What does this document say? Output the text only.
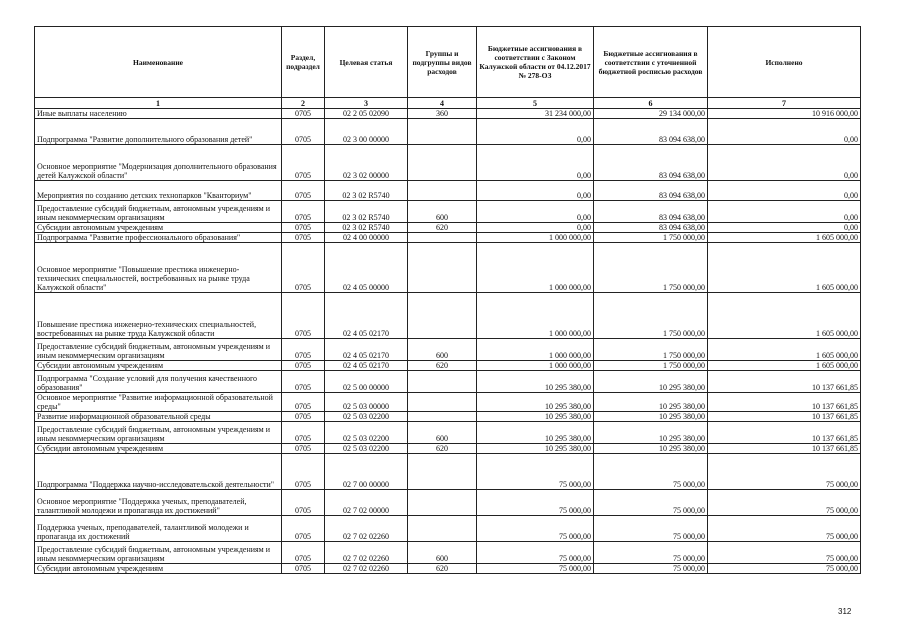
Наименование	Раздел, подраздел	Целевая статья	Группы и подгруппы видов расходов	Бюджетные ассигнования в соответствии с Законом Калужской области от 04.12.2017 № 278-ОЗ	Бюджетные ассигнования в соответствии с уточненной бюджетной росписью расходов	Исполнено
1	2	3	4	5	6	7
Иные выплаты населению	0705	02 2 05 02090	360	31 234 000,00	29 134 000,00	10 916 000,00
Подпрограмма "Развитие дополнительного образования детей"	0705	02 3 00 00000		0,00	83 094 638,00	0,00
Основное мероприятие "Модернизация дополнительного образования детей Калужской области"	0705	02 3 02 00000		0,00	83 094 638,00	0,00
Мероприятия по созданию детских технопарков "Кванториум"	0705	02 3 02 R5740		0,00	83 094 638,00	0,00
Предоставление субсидий бюджетным, автономным учреждениям и иным некоммерческим организациям	0705	02 3 02 R5740	600	0,00	83 094 638,00	0,00
Субсидии автономным учреждениям	0705	02 3 02 R5740	620	0,00	83 094 638,00	0,00
Подпрограмма "Развитие профессионального образования"	0705	02 4 00 00000		1 000 000,00	1 750 000,00	1 605 000,00
Основное мероприятие "Повышение престижа инженерно-технических специальностей, востребованных на рынке труда Калужской области"	0705	02 4 05 00000		1 000 000,00	1 750 000,00	1 605 000,00
Повышение престижа инженерно-технических специальностей, востребованных на рынке труда Калужской области	0705	02 4 05 02170		1 000 000,00	1 750 000,00	1 605 000,00
Предоставление субсидий бюджетным, автономным учреждениям и иным некоммерческим организациям	0705	02 4 05 02170	600	1 000 000,00	1 750 000,00	1 605 000,00
Субсидии автономным учреждениям	0705	02 4 05 02170	620	1 000 000,00	1 750 000,00	1 605 000,00
Подпрограмма "Создание условий для получения качественного образования"	0705	02 5 00 00000		10 295 380,00	10 295 380,00	10 137 661,85
Основное мероприятие "Развитие информационной образовательной среды"	0705	02 5 03 00000		10 295 380,00	10 295 380,00	10 137 661,85
Развитие информационной образовательной среды	0705	02 5 03 02200		10 295 380,00	10 295 380,00	10 137 661,85
Предоставление субсидий бюджетным, автономным учреждениям и иным некоммерческим организациям	0705	02 5 03 02200	600	10 295 380,00	10 295 380,00	10 137 661,85
Субсидии автономным учреждениям	0705	02 5 03 02200	620	10 295 380,00	10 295 380,00	10 137 661,85
Подпрограмма "Поддержка научно-исследовательской деятельности"	0705	02 7 00 00000		75 000,00	75 000,00	75 000,00
Основное мероприятие "Поддержка ученых, преподавателей, талантливой молодежи и пропаганда их достижений"	0705	02 7 02 00000		75 000,00	75 000,00	75 000,00
Поддержка ученых, преподавателей, талантливой молодежи и пропаганда их достижений	0705	02 7 02 02260		75 000,00	75 000,00	75 000,00
Предоставление субсидий бюджетным, автономным учреждениям и иным некоммерческим организациям	0705	02 7 02 02260	600	75 000,00	75 000,00	75 000,00
Субсидии автономным учреждениям	0705	02 7 02 02260	620	75 000,00	75 000,00	75 000,00
312
